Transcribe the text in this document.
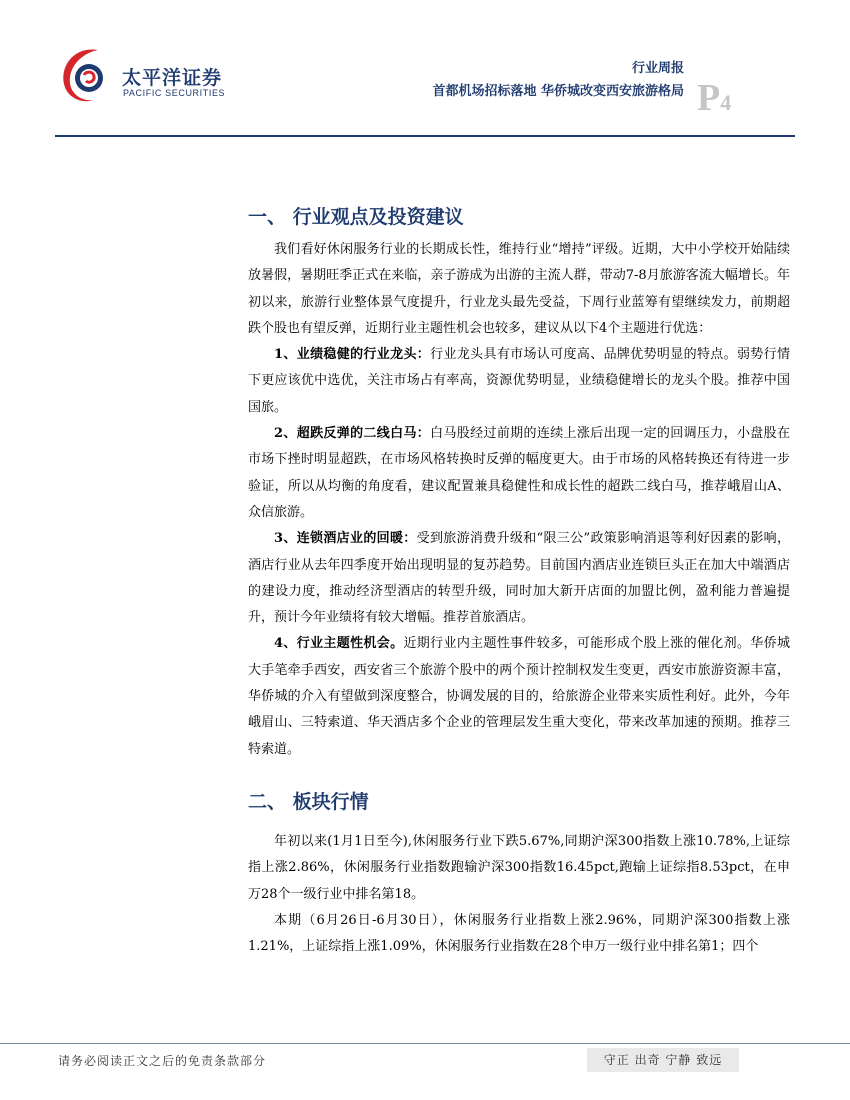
太平洋证券
PACIFIC SECURITIES
行业周报
首都机场招标落地 华侨城改变西安旅游格局 P4
一、 行业观点及投资建议

我们看好休闲服务行业的长期成长性，维持行业“增持”评级。近期，大中小学校开始陆续放暑假，暑期旺季正式在来临，亲子游成为出游的主流人群，带动7-8月旅游客流大幅增长。年初以来，旅游行业整体景气度提升，行业龙头最先受益，下周行业蓝筹有望继续发力，前期超跌个股也有望反弹，近期行业主题性机会也较多，建议从以下4个主题进行优选：

1、业绩稳健的行业龙头：行业龙头具有市场认可度高、品牌优势明显的特点。弱势行情下更应该优中选优，关注市场占有率高，资源优势明显，业绩稳健增长的龙头个股。推荐中国国旅。

2、超跌反弹的二线白马：白马股经过前期的连续上涨后出现一定的回调压力，小盘股在市场下挫时明显超跌，在市场风格转换时反弹的幅度更大。由于市场的风格转换还有待进一步验证，所以从均衡的角度看，建议配置兼具稳健性和成长性的超跌二线白马，推荐峨眉山A、众信旅游。

3、连锁酒店业的回暖：受到旅游消费升级和“限三公”政策影响消退等利好因素的影响，酒店行业从去年四季度开始出现明显的复苏趋势。目前国内酒店业连锁巨头正在加大中端酒店的建设力度，推动经济型酒店的转型升级，同时加大新开店面的加盟比例，盈利能力普遍提升，预计今年业绩将有较大增幅。推荐首旅酒店。

4、行业主题性机会。近期行业内主题性事件较多，可能形成个股上涨的催化剂。华侨城大手笔牵手西安，西安省三个旅游个股中的两个预计控制权发生变更，西安市旅游资源丰富，华侨城的介入有望做到深度整合，协调发展的目的，给旅游企业带来实质性利好。此外，今年峨眉山、三特索道、华天酒店多个企业的管理层发生重大变化，带来改革加速的预期。推荐三特索道。

二、 板块行情

年初以来(1月1日至今),休闲服务行业下跌5.67%,同期沪深300指数上涨10.78%,上证综指上涨2.86%，休闲服务行业指数跑输沪深300指数16.45pct,跑输上证综指8.53pct，在申万28个一级行业中排名第18。

本期（6月26日-6月30日），休闲服务行业指数上涨2.96%，同期沪深300指数上涨1.21%，上证综指上涨1.09%，休闲服务行业指数在28个申万一级行业中排名第1；四个

请务必阅读正文之后的免责条款部分	守正 出奇 宁静 致远
